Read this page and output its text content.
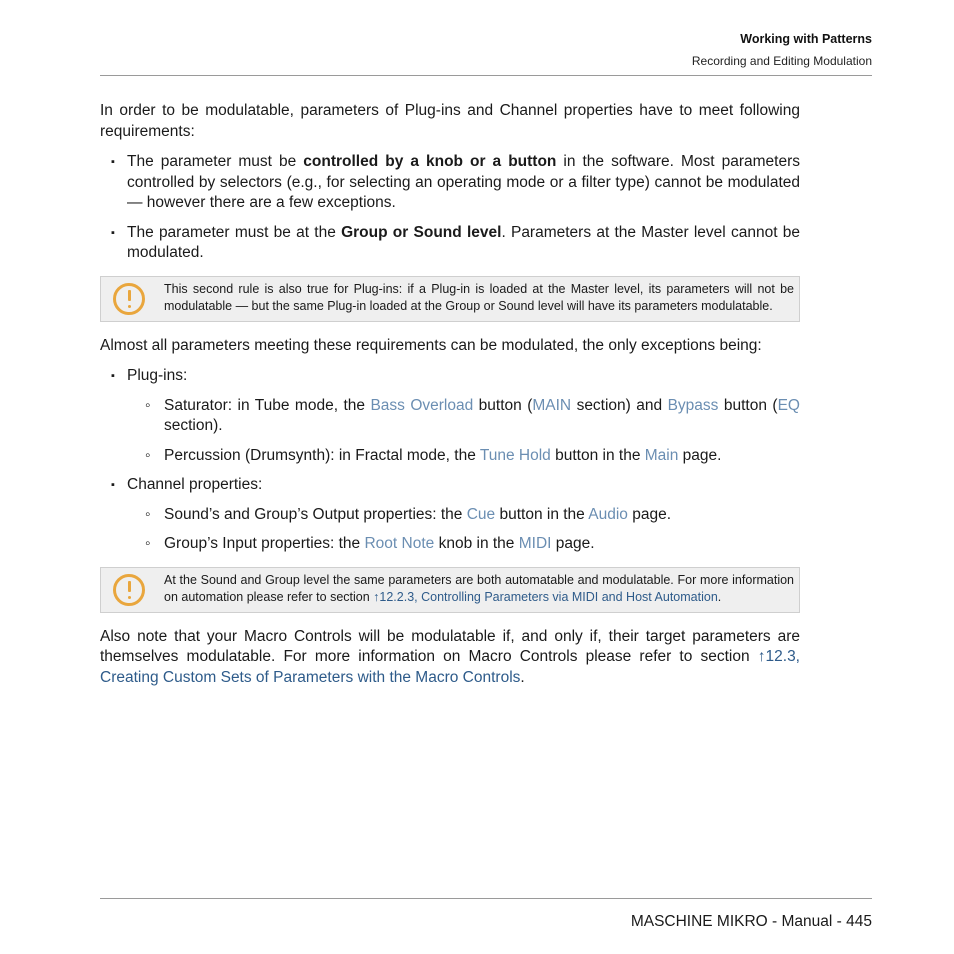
Working with Patterns
Recording and Editing Modulation

In order to be modulatable, parameters of Plug-ins and Channel properties have to meet following requirements:

▪ The parameter must be controlled by a knob or a button in the software. Most parameters controlled by selectors (e.g., for selecting an operating mode or a filter type) cannot be modulated — however there are a few exceptions.
▪ The parameter must be at the Group or Sound level. Parameters at the Master level cannot be modulated.
This second rule is also true for Plug-ins: if a Plug-in is loaded at the Master level, its parameters will not be modulatable — but the same Plug-in loaded at the Group or Sound level will have its parameters modulatable.

Almost all parameters meeting these requirements can be modulated, the only exceptions being:

▪ Plug-ins:
◦ Saturator: in Tube mode, the Bass Overload button (MAIN section) and Bypass button (EQ section).
◦ Percussion (Drumsynth): in Fractal mode, the Tune Hold button in the Main page.
▪ Channel properties:
◦ Sound’s and Group’s Output properties: the Cue button in the Audio page.
◦ Group’s Input properties: the Root Note knob in the MIDI page.
At the Sound and Group level the same parameters are both automatable and modulatable. For more information on automation please refer to section ↑12.2.3, Controlling Parameters via MIDI and Host Automation.

Also note that your Macro Controls will be modulatable if, and only if, their target parameters are themselves modulatable. For more information on Macro Controls please refer to section ↑12.3, Creating Custom Sets of Parameters with the Macro Controls.

MASCHINE MIKRO - Manual - 445
